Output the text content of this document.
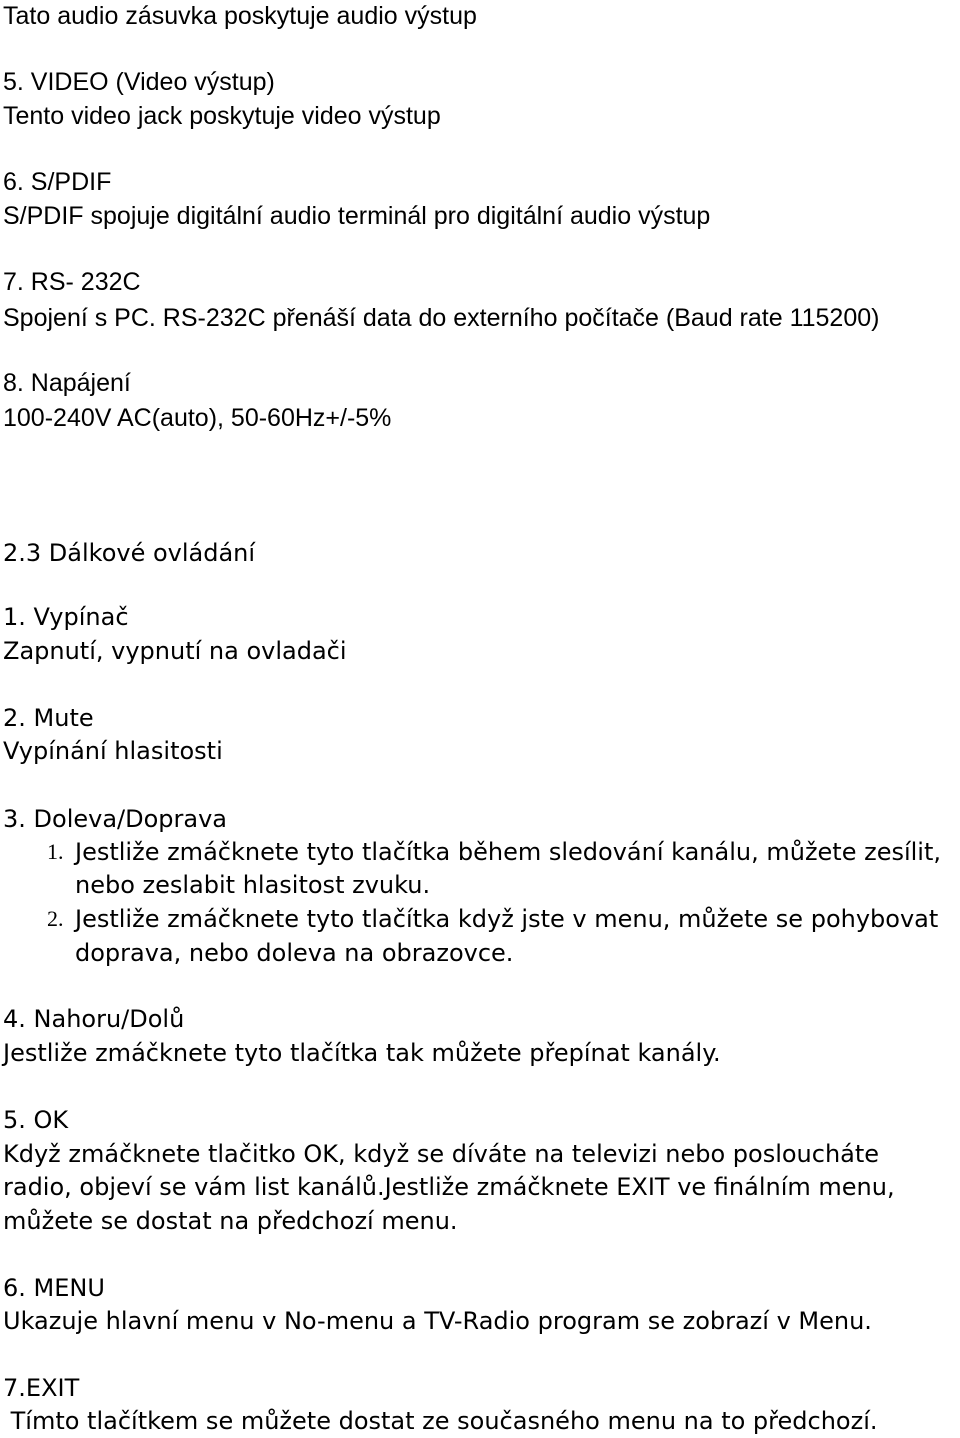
Tato audio zásuvka poskytuje audio výstup
5. VIDEO (Video výstup)
Tento video jack poskytuje video výstup
6. S/PDIF
S/PDIF spojuje digitální audio terminál pro digitální audio výstup
7. RS- 232C
Spojení s PC. RS-232C přenáší data do externího počítače (Baud rate 115200)
8. Napájení
100-240V AC(auto), 50-60Hz+/-5%
2.3 Dálkové ovládání
1. Vypínač
Zapnutí, vypnutí na ovladači
2. Mute
Vypínání hlasitosti
3. Doleva/Doprava
1. Jestliže zmáčknete tyto tlačítka během sledování kanálu, můžete zesílit,
nebo zeslabit hlasitost zvuku.
2. Jestliže zmáčknete tyto tlačítka když jste v menu, můžete se pohybovat
doprava, nebo doleva na obrazovce.
4. Nahoru/Dolů
Jestliže zmáčknete tyto tlačítka tak můžete přepínat kanály.
5. OK
Když zmáčknete tlačitko OK, když se díváte na televizi nebo posloucháte
radio, objeví se vám list kanálů.Jestliže zmáčknete EXIT ve finálním menu,
můžete se dostat na předchozí menu.
6. MENU
Ukazuje hlavní menu v No-menu a TV-Radio program se zobrazí v Menu.
7.EXIT
Tímto tlačítkem se můžete dostat ze současného menu na to předchozí.
